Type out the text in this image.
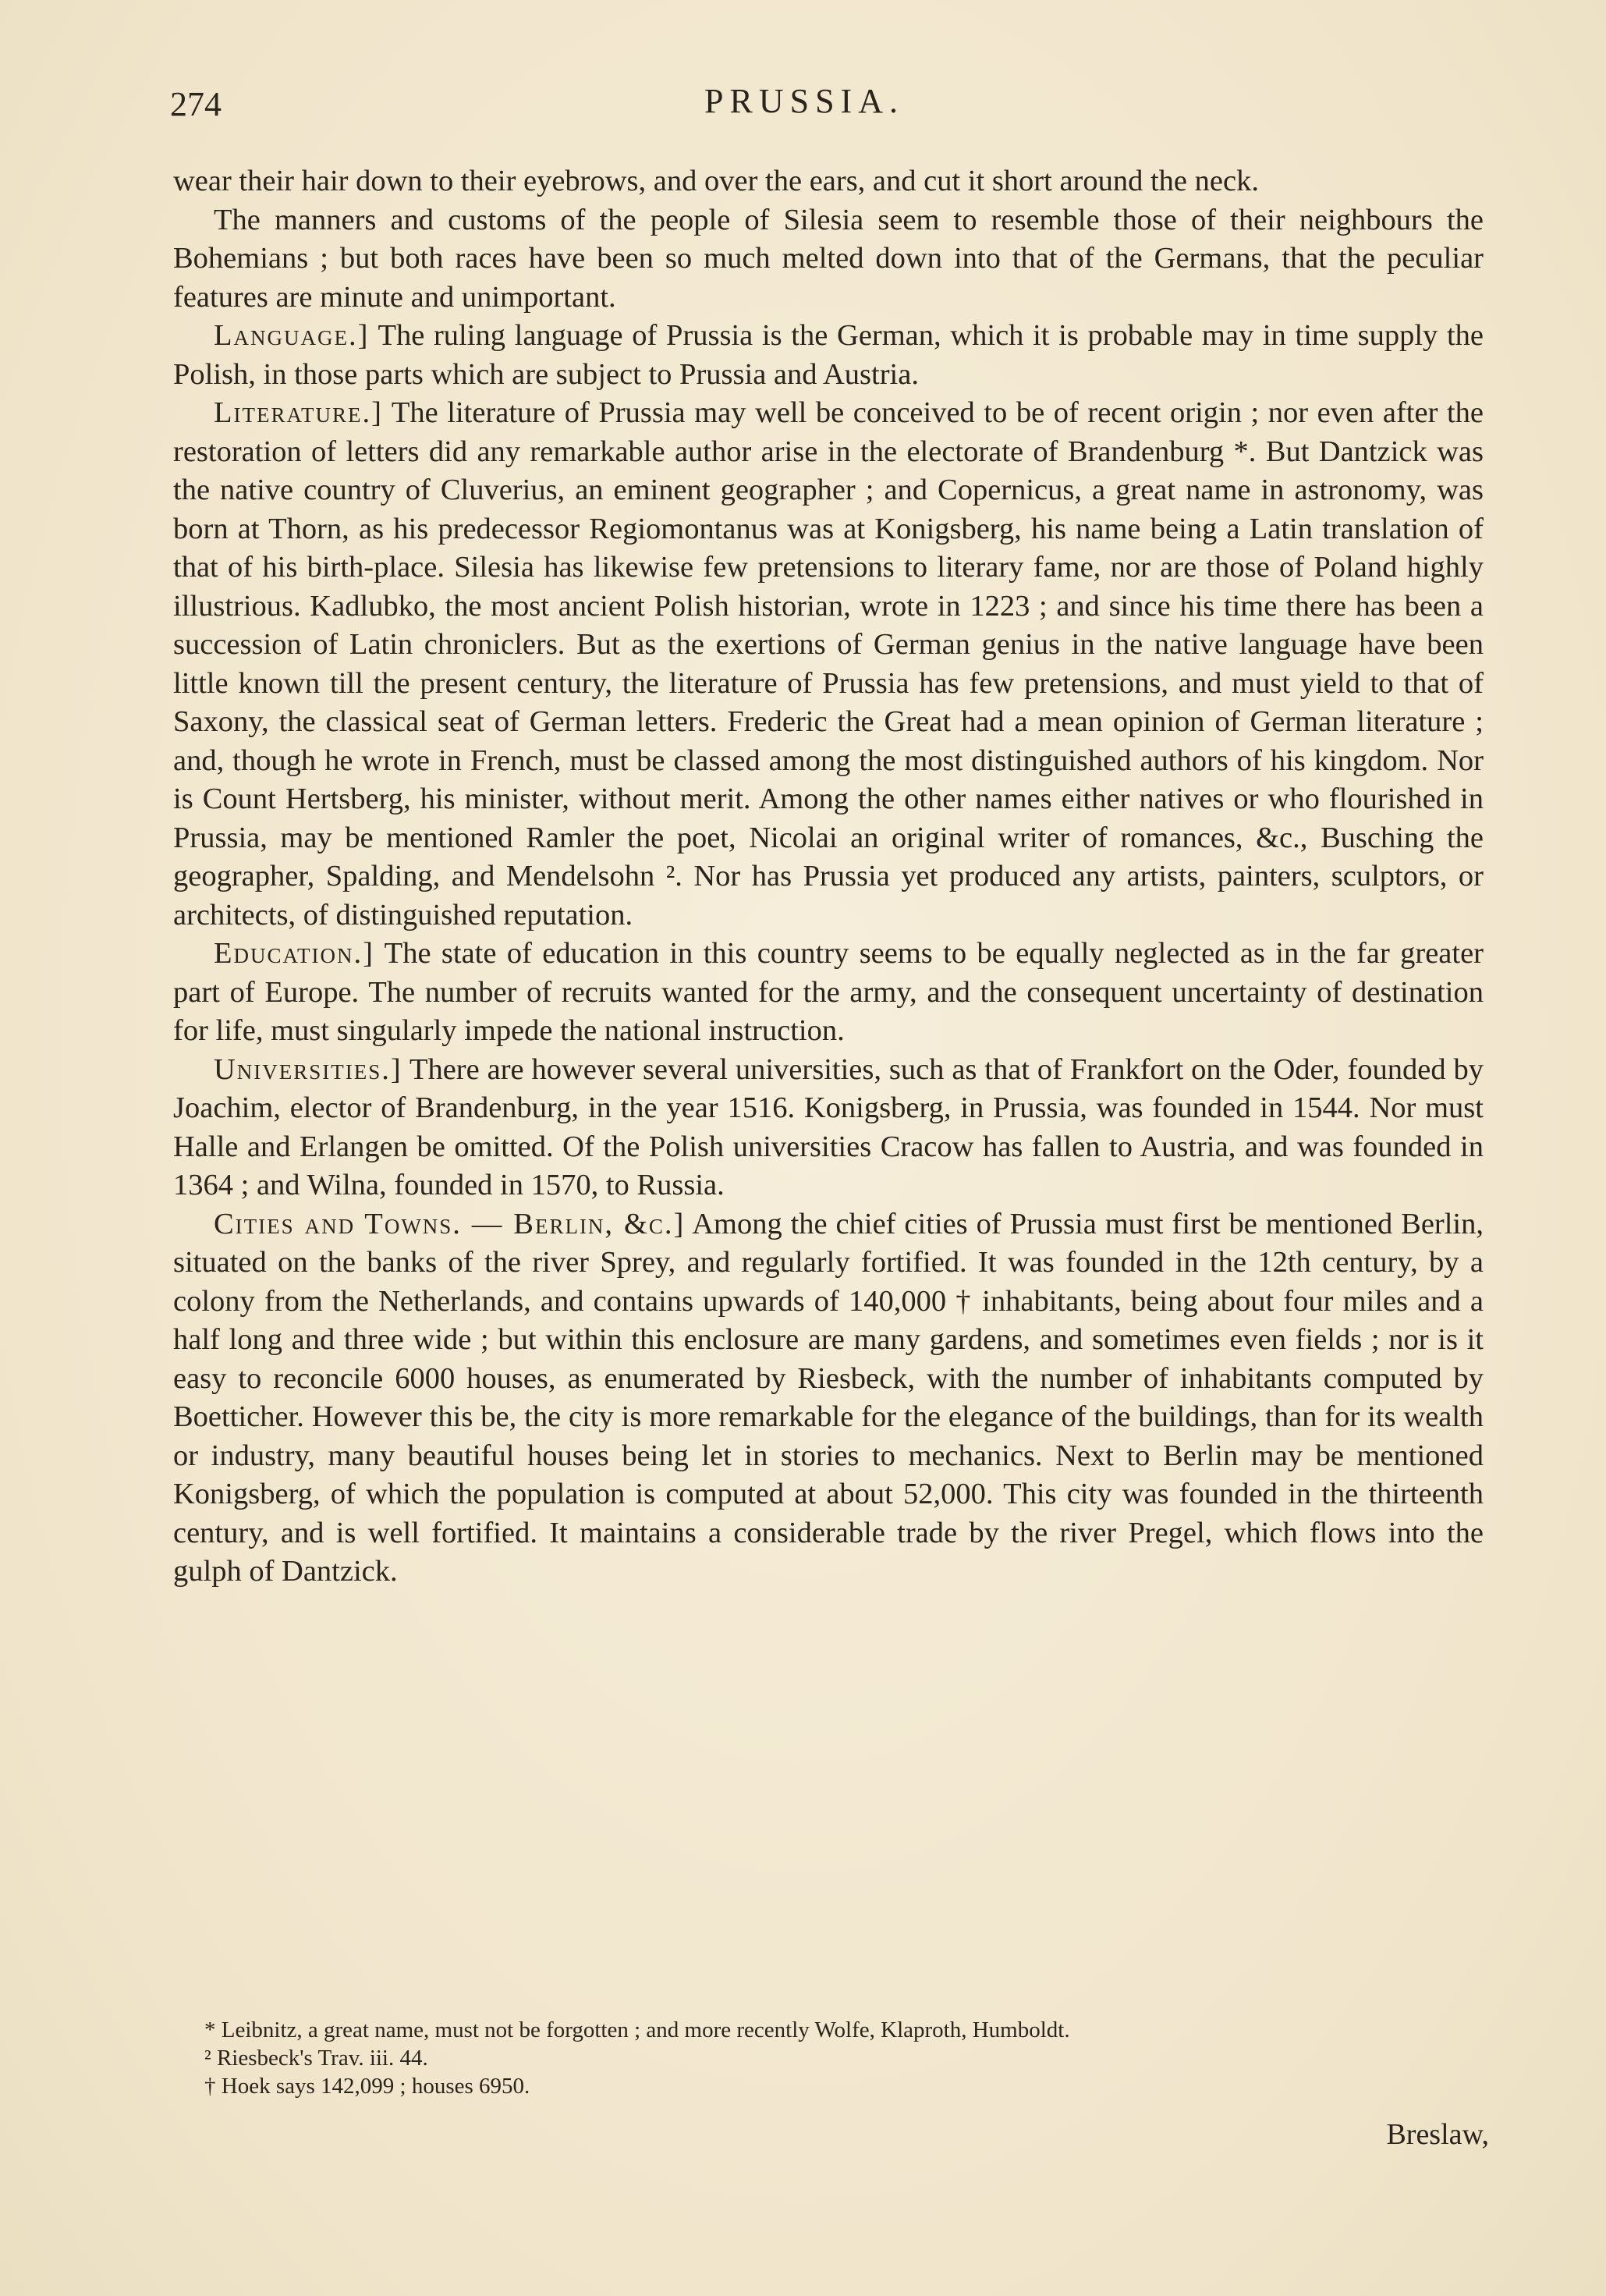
274	PRUSSIA.

wear their hair down to their eyebrows, and over the ears, and cut it short around the neck.

The manners and customs of the people of Silesia seem to resemble those of their neighbours the Bohemians ; but both races have been so much melted down into that of the Germans, that the peculiar features are minute and unimportant.

Language.] The ruling language of Prussia is the German, which it is probable may in time supply the Polish, in those parts which are subject to Prussia and Austria.

Literature.] The literature of Prussia may well be conceived to be of recent origin ; nor even after the restoration of letters did any remarkable author arise in the electorate of Brandenburg *. But Dantzick was the native country of Cluverius, an eminent geographer ; and Copernicus, a great name in astronomy, was born at Thorn, as his predecessor Regiomontanus was at Konigsberg, his name being a Latin translation of that of his birth-place. Silesia has likewise few pretensions to literary fame, nor are those of Poland highly illustrious. Kadlubko, the most ancient Polish historian, wrote in 1223 ; and since his time there has been a succession of Latin chroniclers. But as the exertions of German genius in the native language have been little known till the present century, the literature of Prussia has few pretensions, and must yield to that of Saxony, the classical seat of German letters. Frederic the Great had a mean opinion of German literature ; and, though he wrote in French, must be classed among the most distinguished authors of his kingdom. Nor is Count Hertsberg, his minister, without merit. Among the other names either natives or who flourished in Prussia, may be mentioned Ramler the poet, Nicolai an original writer of romances, &c., Busching the geographer, Spalding, and Mendelsohn ². Nor has Prussia yet produced any artists, painters, sculptors, or architects, of distinguished reputation.

Education.] The state of education in this country seems to be equally neglected as in the far greater part of Europe. The number of recruits wanted for the army, and the consequent uncertainty of destination for life, must singularly impede the national instruction.

Universities.] There are however several universities, such as that of Frankfort on the Oder, founded by Joachim, elector of Brandenburg, in the year 1516. Konigsberg, in Prussia, was founded in 1544. Nor must Halle and Erlangen be omitted. Of the Polish universities Cracow has fallen to Austria, and was founded in 1364 ; and Wilna, founded in 1570, to Russia.

Cities and Towns. — Berlin, &c.] Among the chief cities of Prussia must first be mentioned Berlin, situated on the banks of the river Sprey, and regularly fortified. It was founded in the 12th century, by a colony from the Netherlands, and contains upwards of 140,000 † inhabitants, being about four miles and a half long and three wide ; but within this enclosure are many gardens, and sometimes even fields ; nor is it easy to reconcile 6000 houses, as enumerated by Riesbeck, with the number of inhabitants computed by Boetticher. However this be, the city is more remarkable for the elegance of the buildings, than for its wealth or industry, many beautiful houses being let in stories to mechanics. Next to Berlin may be mentioned Konigsberg, of which the population is computed at about 52,000. This city was founded in the thirteenth century, and is well fortified. It maintains a considerable trade by the river Pregel, which flows into the gulph of Dantzick.

* Leibnitz, a great name, must not be forgotten ; and more recently Wolfe, Klaproth, Humboldt.

² Riesbeck's Trav. iii. 44.

† Hoek says 142,099 ; houses 6950.

Breslaw,
